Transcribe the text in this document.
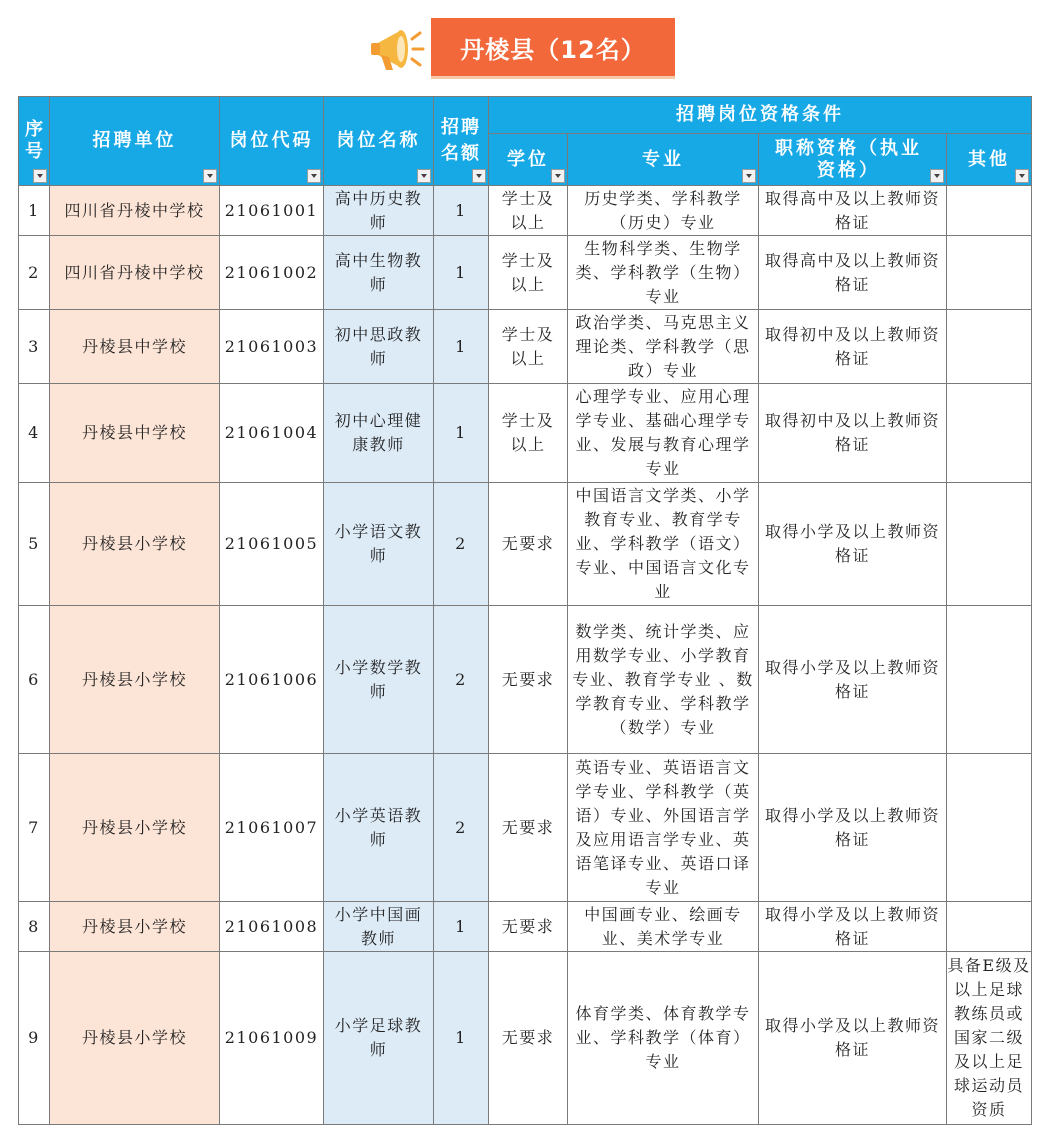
丹棱县（12名）
序号	招聘单位	岗位代码	岗位名称	招聘名额	招聘岗位资格条件			
					学位	专业	职称资格（执业资格）	其他

1	四川省丹棱中学校	21061001	高中历史教师	1	学士及以上	历史学类、学科教学（历史）专业	取得高中及以上教师资格证	
2	四川省丹棱中学校	21061002	高中生物教师	1	学士及以上	生物科学类、生物学类、学科教学（生物）专业	取得高中及以上教师资格证	
3	丹棱县中学校	21061003	初中思政教师	1	学士及以上	政治学类、马克思主义理论类、学科教学（思政）专业	取得初中及以上教师资格证	
4	丹棱县中学校	21061004	初中心理健康教师	1	学士及以上	心理学专业、应用心理学专业、基础心理学专业、发展与教育心理学专业	取得初中及以上教师资格证	
5	丹棱县小学校	21061005	小学语文教师	2	无要求	中国语言文学类、小学教育专业、教育学专业、学科教学（语文）专业、中国语言文化专业	取得小学及以上教师资格证	
6	丹棱县小学校	21061006	小学数学教师	2	无要求	数学类、统计学类、应用数学专业、小学教育专业、教育学专业 、数学教育专业、学科教学（数学）专业	取得小学及以上教师资格证	
7	丹棱县小学校	21061007	小学英语教师	2	无要求	英语专业、英语语言文学专业、学科教学（英语）专业、外国语言学及应用语言学专业、英语笔译专业、英语口译专业	取得小学及以上教师资格证	
8	丹棱县小学校	21061008	小学中国画教师	1	无要求	中国画专业、绘画专业、美术学专业	取得小学及以上教师资格证	
9	丹棱县小学校	21061009	小学足球教师	1	无要求	体育学类、体育教学专业、学科教学（体育）专业	取得小学及以上教师资格证	具备E级及以上足球教练员或国家二级及以上足球运动员资质
